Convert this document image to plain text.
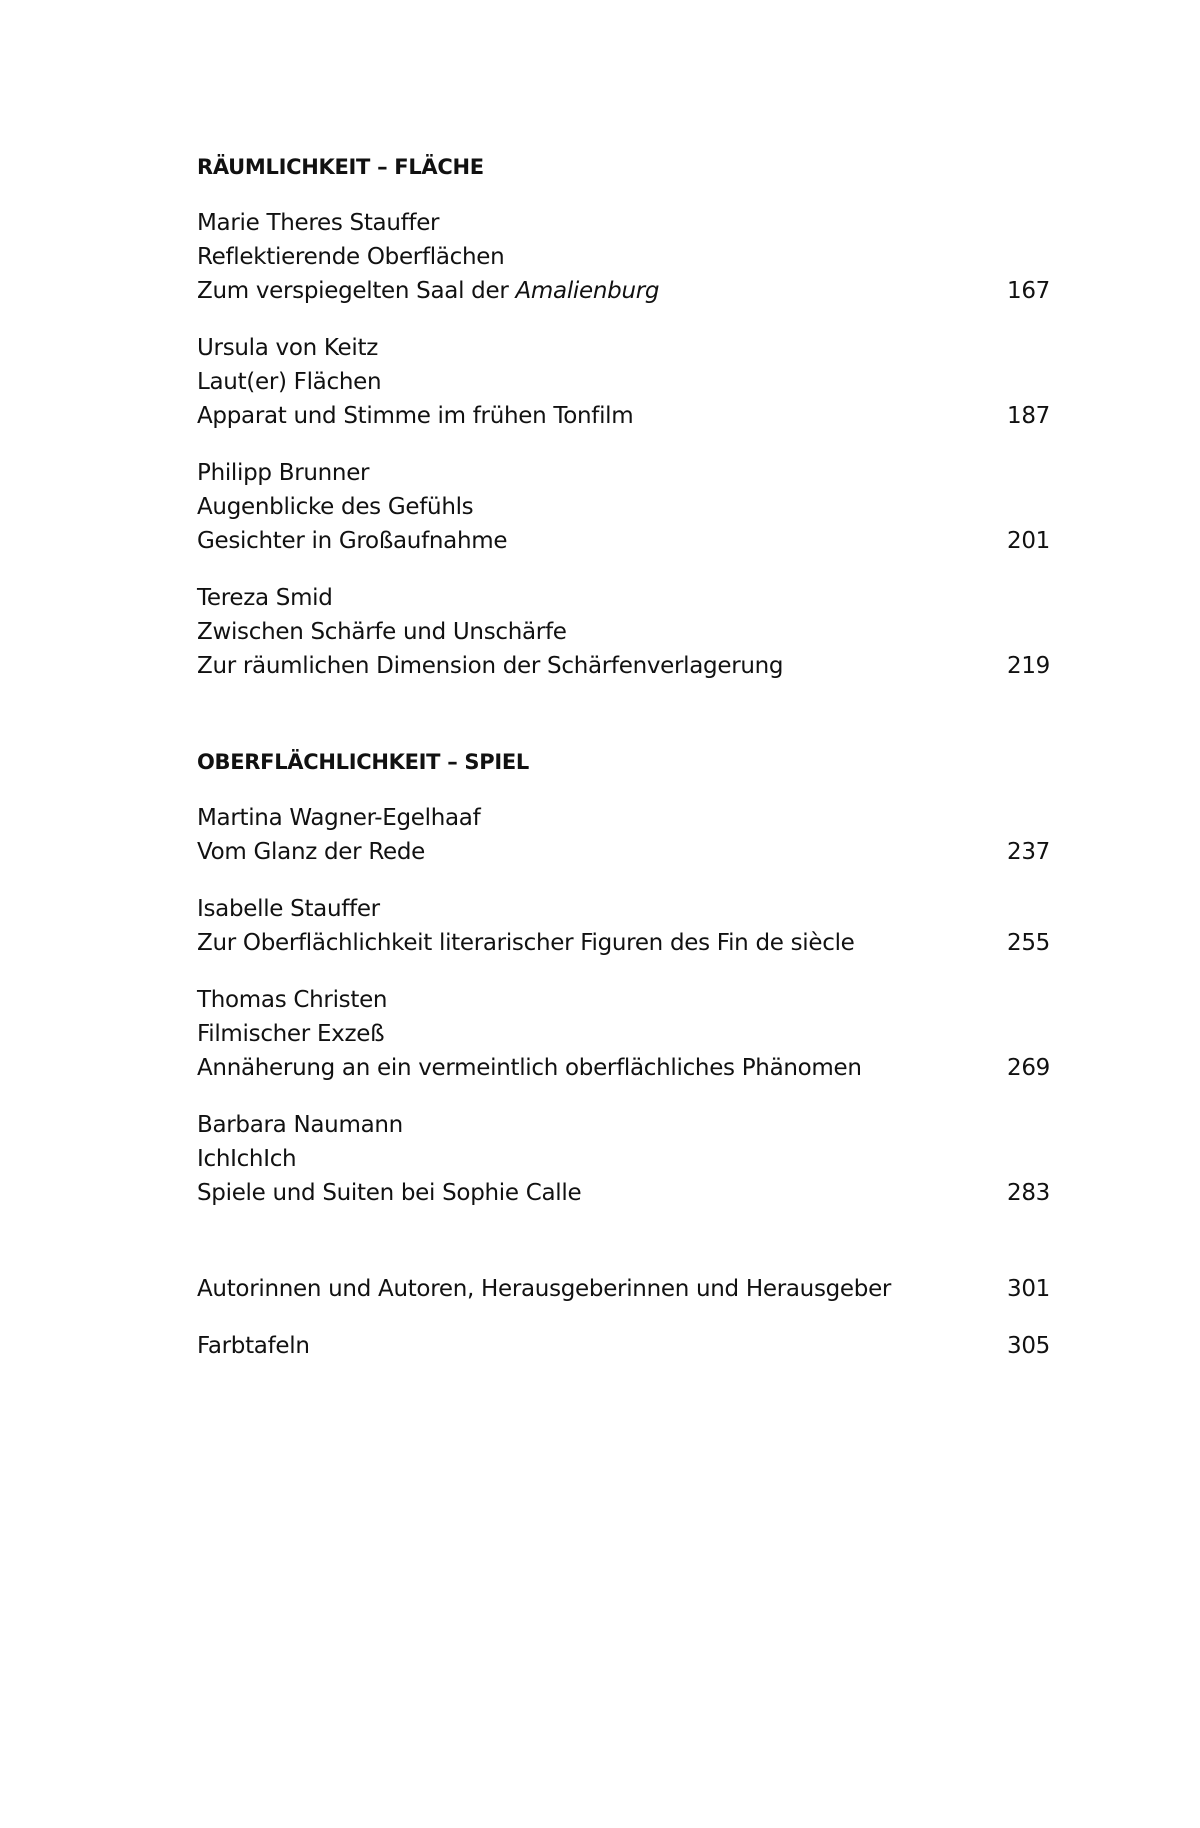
RÄUMLICHKEIT – FLÄCHE
Marie Theres Stauffer
Reflektierende Oberflächen
Zum verspiegelten Saal der Amalienburg	167
Ursula von Keitz
Laut(er) Flächen
Apparat und Stimme im frühen Tonfilm	187
Philipp Brunner
Augenblicke des Gefühls
Gesichter in Großaufnahme	201
Tereza Smid
Zwischen Schärfe und Unschärfe
Zur räumlichen Dimension der Schärfenverlagerung	219
OBERFLÄCHLICHKEIT – SPIEL
Martina Wagner-Egelhaaf
Vom Glanz der Rede	237
Isabelle Stauffer
Zur Oberflächlichkeit literarischer Figuren des Fin de siècle	255
Thomas Christen
Filmischer Exzeß
Annäherung an ein vermeintlich oberflächliches Phänomen	269
Barbara Naumann
IchIchIch
Spiele und Suiten bei Sophie Calle	283
Autorinnen und Autoren, Herausgeberinnen und Herausgeber	301
Farbtafeln	305
